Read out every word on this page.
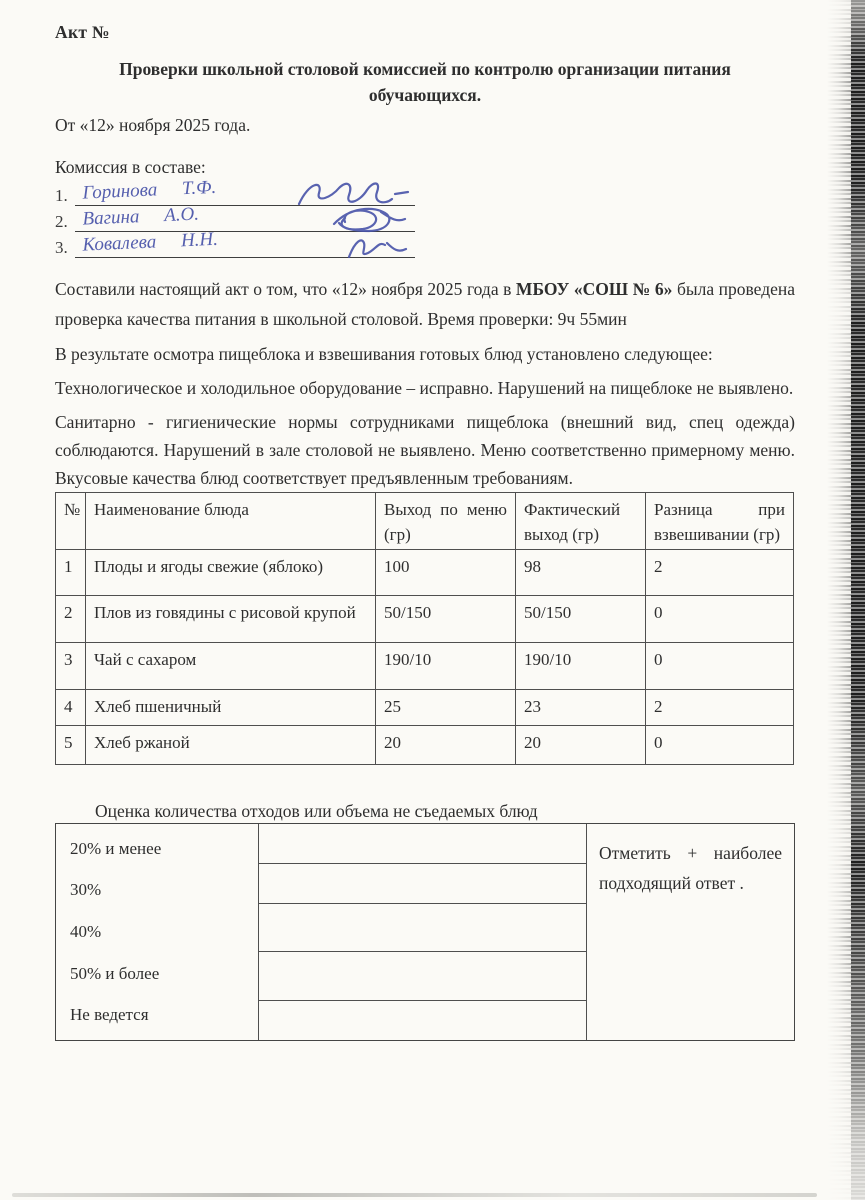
Акт №
Проверки школьной столовой комиссией по контролю организации питания
обучающихся.
От «12» ноября 2025 года.
Комиссия в составе:
1. Горинова Т.Ф.
2. Вагина А.О.
3. Ковалева Н.Н.
Составили настоящий акт о том, что «12» ноября 2025 года в МБОУ «СОШ № 6» была проведена проверка качества питания в школьной столовой. Время проверки: 9ч 55мин
В результате осмотра пищеблока и взвешивания готовых блюд установлено следующее:
Технологическое и холодильное оборудование – исправно. Нарушений на пищеблоке не выявлено.
Санитарно - гигиенические нормы сотрудниками пищеблока (внешний вид, спец одежда) соблюдаются. Нарушений в зале столовой не выявлено. Меню соответственно примерному меню. Вкусовые качества блюд соответствует предъявленным требованиям.
№	Наименование блюда	Выход по меню (гр)	Фактический выход (гр)	Разница при взвешивании (гр)
1	Плоды и ягоды свежие (яблоко)	100	98	2
2	Плов из говядины с рисовой крупой	50/150	50/150	0
3	Чай с сахаром	190/10	190/10	0
4	Хлеб пшеничный	25	23	2
5	Хлеб ржаной	20	20	0
Оценка количества отходов или объема не съедаемых блюд
20% и менее
30%
40%
50% и более
Не ведется
Отметить + наиболее подходящий ответ .
